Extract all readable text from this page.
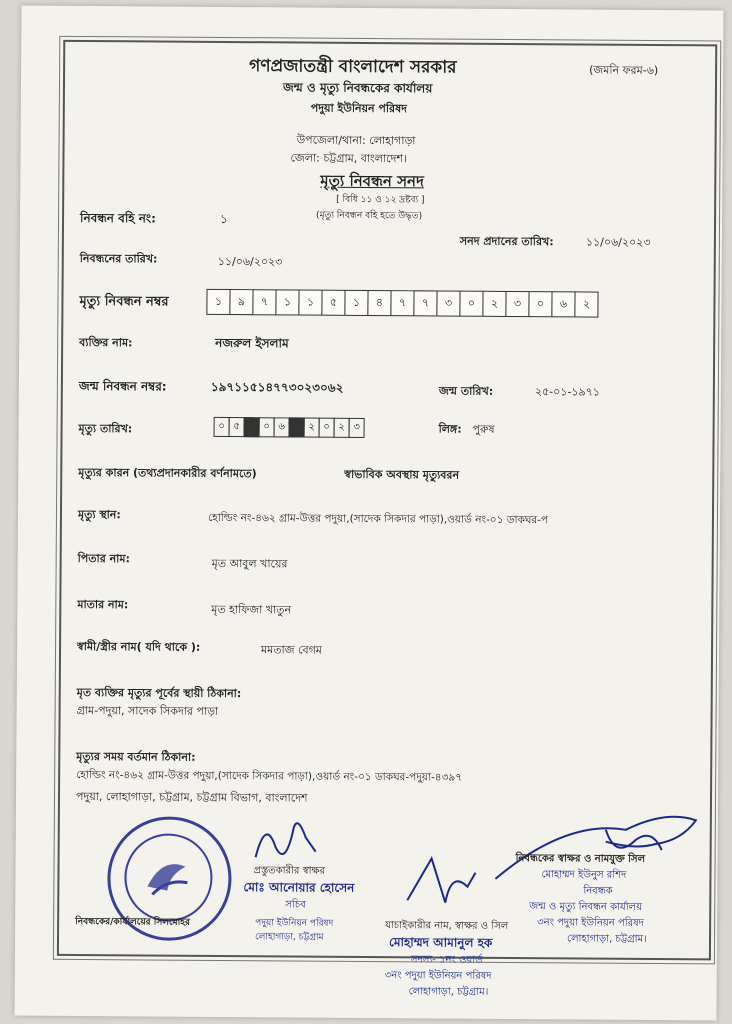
গণপ্রজাতন্ত্রী বাংলাদেশ সরকার	(জমনি ফরম-৬)
জন্ম ও মৃত্যু নিবন্ধকের কার্যালয়
পদুয়া ইউনিয়ন পরিষদ
উপজেলা/থানা: লোহাগাড়া
জেলা: চট্টগ্রাম, বাংলাদেশ।
মৃত্যু নিবন্ধন সনদ
[ বিধি ১১ ও ১২ দ্রষ্টব্য ]
(মৃত্যু নিবন্ধন বহি হতে উদ্ধৃত)
নিবন্ধন বহি নং:	১
সনদ প্রদানের তারিখ:	১১/০৬/২০২৩
নিবন্ধনের তারিখ:	১১/০৬/২০২৩
মৃত্যু নিবন্ধন নম্বর	১	৯	৭	১	১	৫	১	৪	৭	৭	৩	০	২	৩	০	৬	২
ব্যক্তির নাম:	নজরুল ইসলাম
জন্ম নিবন্ধন নম্বর:	১৯৭১১৫১৪৭৭৩০২৩০৬২	জন্ম তারিখ:	২৫-০১-১৯৭১
মৃত্যু তারিখ:	০ ৫	০ ৬	২ ০ ২ ৩	লিঙ্গ: পুরুষ
মৃত্যুর কারন (তথ্যপ্রদানকারীর বর্ণনামতে)	স্বাভাবিক অবস্থায় মৃত্যুবরন
মৃত্যু স্থান:	হোল্ডিং নং-৪৬২ গ্রাম-উত্তর পদুয়া,(সাদেক সিকদার পাড়া),ওয়ার্ড নং-০১ ডাকঘর-প
পিতার নাম:	মৃত আবুল খায়ের
মাতার নাম:	মৃত হাফিজা খাতুন
স্বামী/স্ত্রীর নাম( যদি থাকে ):	মমতাজ বেগম
মৃত ব্যক্তির মৃত্যুর পূর্বের স্থায়ী ঠিকানা:
গ্রাম-পদুয়া, সাদেক সিকদার পাড়া
মৃত্যুর সময় বর্তমান ঠিকানা:
হোল্ডিং নং-৪৬২ গ্রাম-উত্তর পদুয়া,(সাদেক সিকদার পাড়া),ওয়ার্ড নং-০১ ডাকঘর-পদুয়া-৪৩৯৭
পদুয়া, লোহাগাড়া, চট্টগ্রাম, চট্টগ্রাম বিভাগ, বাংলাদেশ
প্রস্তুতকারীর স্বাক্ষর
মোঃ আনোয়ার হোসেন
সচিব
নিবন্ধকের/কার্যালয়ের সিলমোহর	পদুয়া ইউনিয়ন পরিষদ
লোহাগাড়া, চট্টগ্রাম
যাচাইকারীর নাম, স্বাক্ষর ও সিল
মোহাম্মদ আমানুল হক
সদস্য- ১নং ওয়ার্ড
৩নং পদুয়া ইউনিয়ন পরিষদ
লোহাগাড়া, চট্টগ্রাম।
নিবন্ধকের স্বাক্ষর ও নামযুক্ত সিল
মোহাম্মদ ইউনুস রশিদ
নিবন্ধক
জন্ম ও মৃত্যু নিবন্ধন কার্যালয়
৩নং পদুয়া ইউনিয়ন পরিষদ
লোহাগাড়া, চট্টগ্রাম।
